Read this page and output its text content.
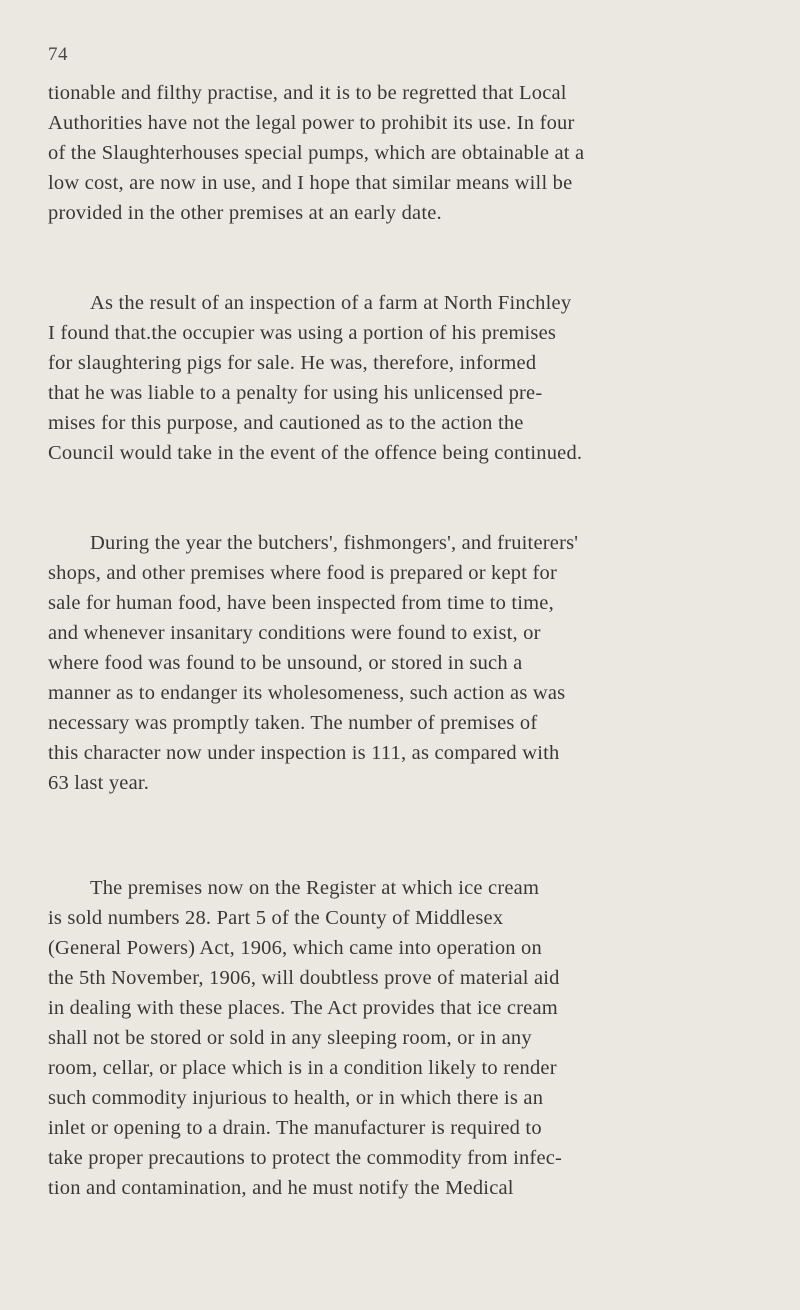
74

tionable and filthy practise, and it is to be regretted that Local
Authorities have not the legal power to prohibit its use. In four
of the Slaughterhouses special pumps, which are obtainable at a
low cost, are now in use, and I hope that similar means will be
provided in the other premises at an early date.

As the result of an inspection of a farm at North Finchley
I found that.the occupier was using a portion of his premises
for slaughtering pigs for sale. He was, therefore, informed
that he was liable to a penalty for using his unlicensed pre-
mises for this purpose, and cautioned as to the action the
Council would take in the event of the offence being continued.

During the year the butchers', fishmongers', and fruiterers'
shops, and other premises where food is prepared or kept for
sale for human food, have been inspected from time to time,
and whenever insanitary conditions were found to exist, or
where food was found to be unsound, or stored in such a
manner as to endanger its wholesomeness, such action as was
necessary was promptly taken. The number of premises of
this character now under inspection is 111, as compared with
63 last year.

The premises now on the Register at which ice cream
is sold numbers 28. Part 5 of the County of Middlesex
(General Powers) Act, 1906, which came into operation on
the 5th November, 1906, will doubtless prove of material aid
in dealing with these places. The Act provides that ice cream
shall not be stored or sold in any sleeping room, or in any
room, cellar, or place which is in a condition likely to render
such commodity injurious to health, or in which there is an
inlet or opening to a drain. The manufacturer is required to
take proper precautions to protect the commodity from infec-
tion and contamination, and he must notify the Medical
